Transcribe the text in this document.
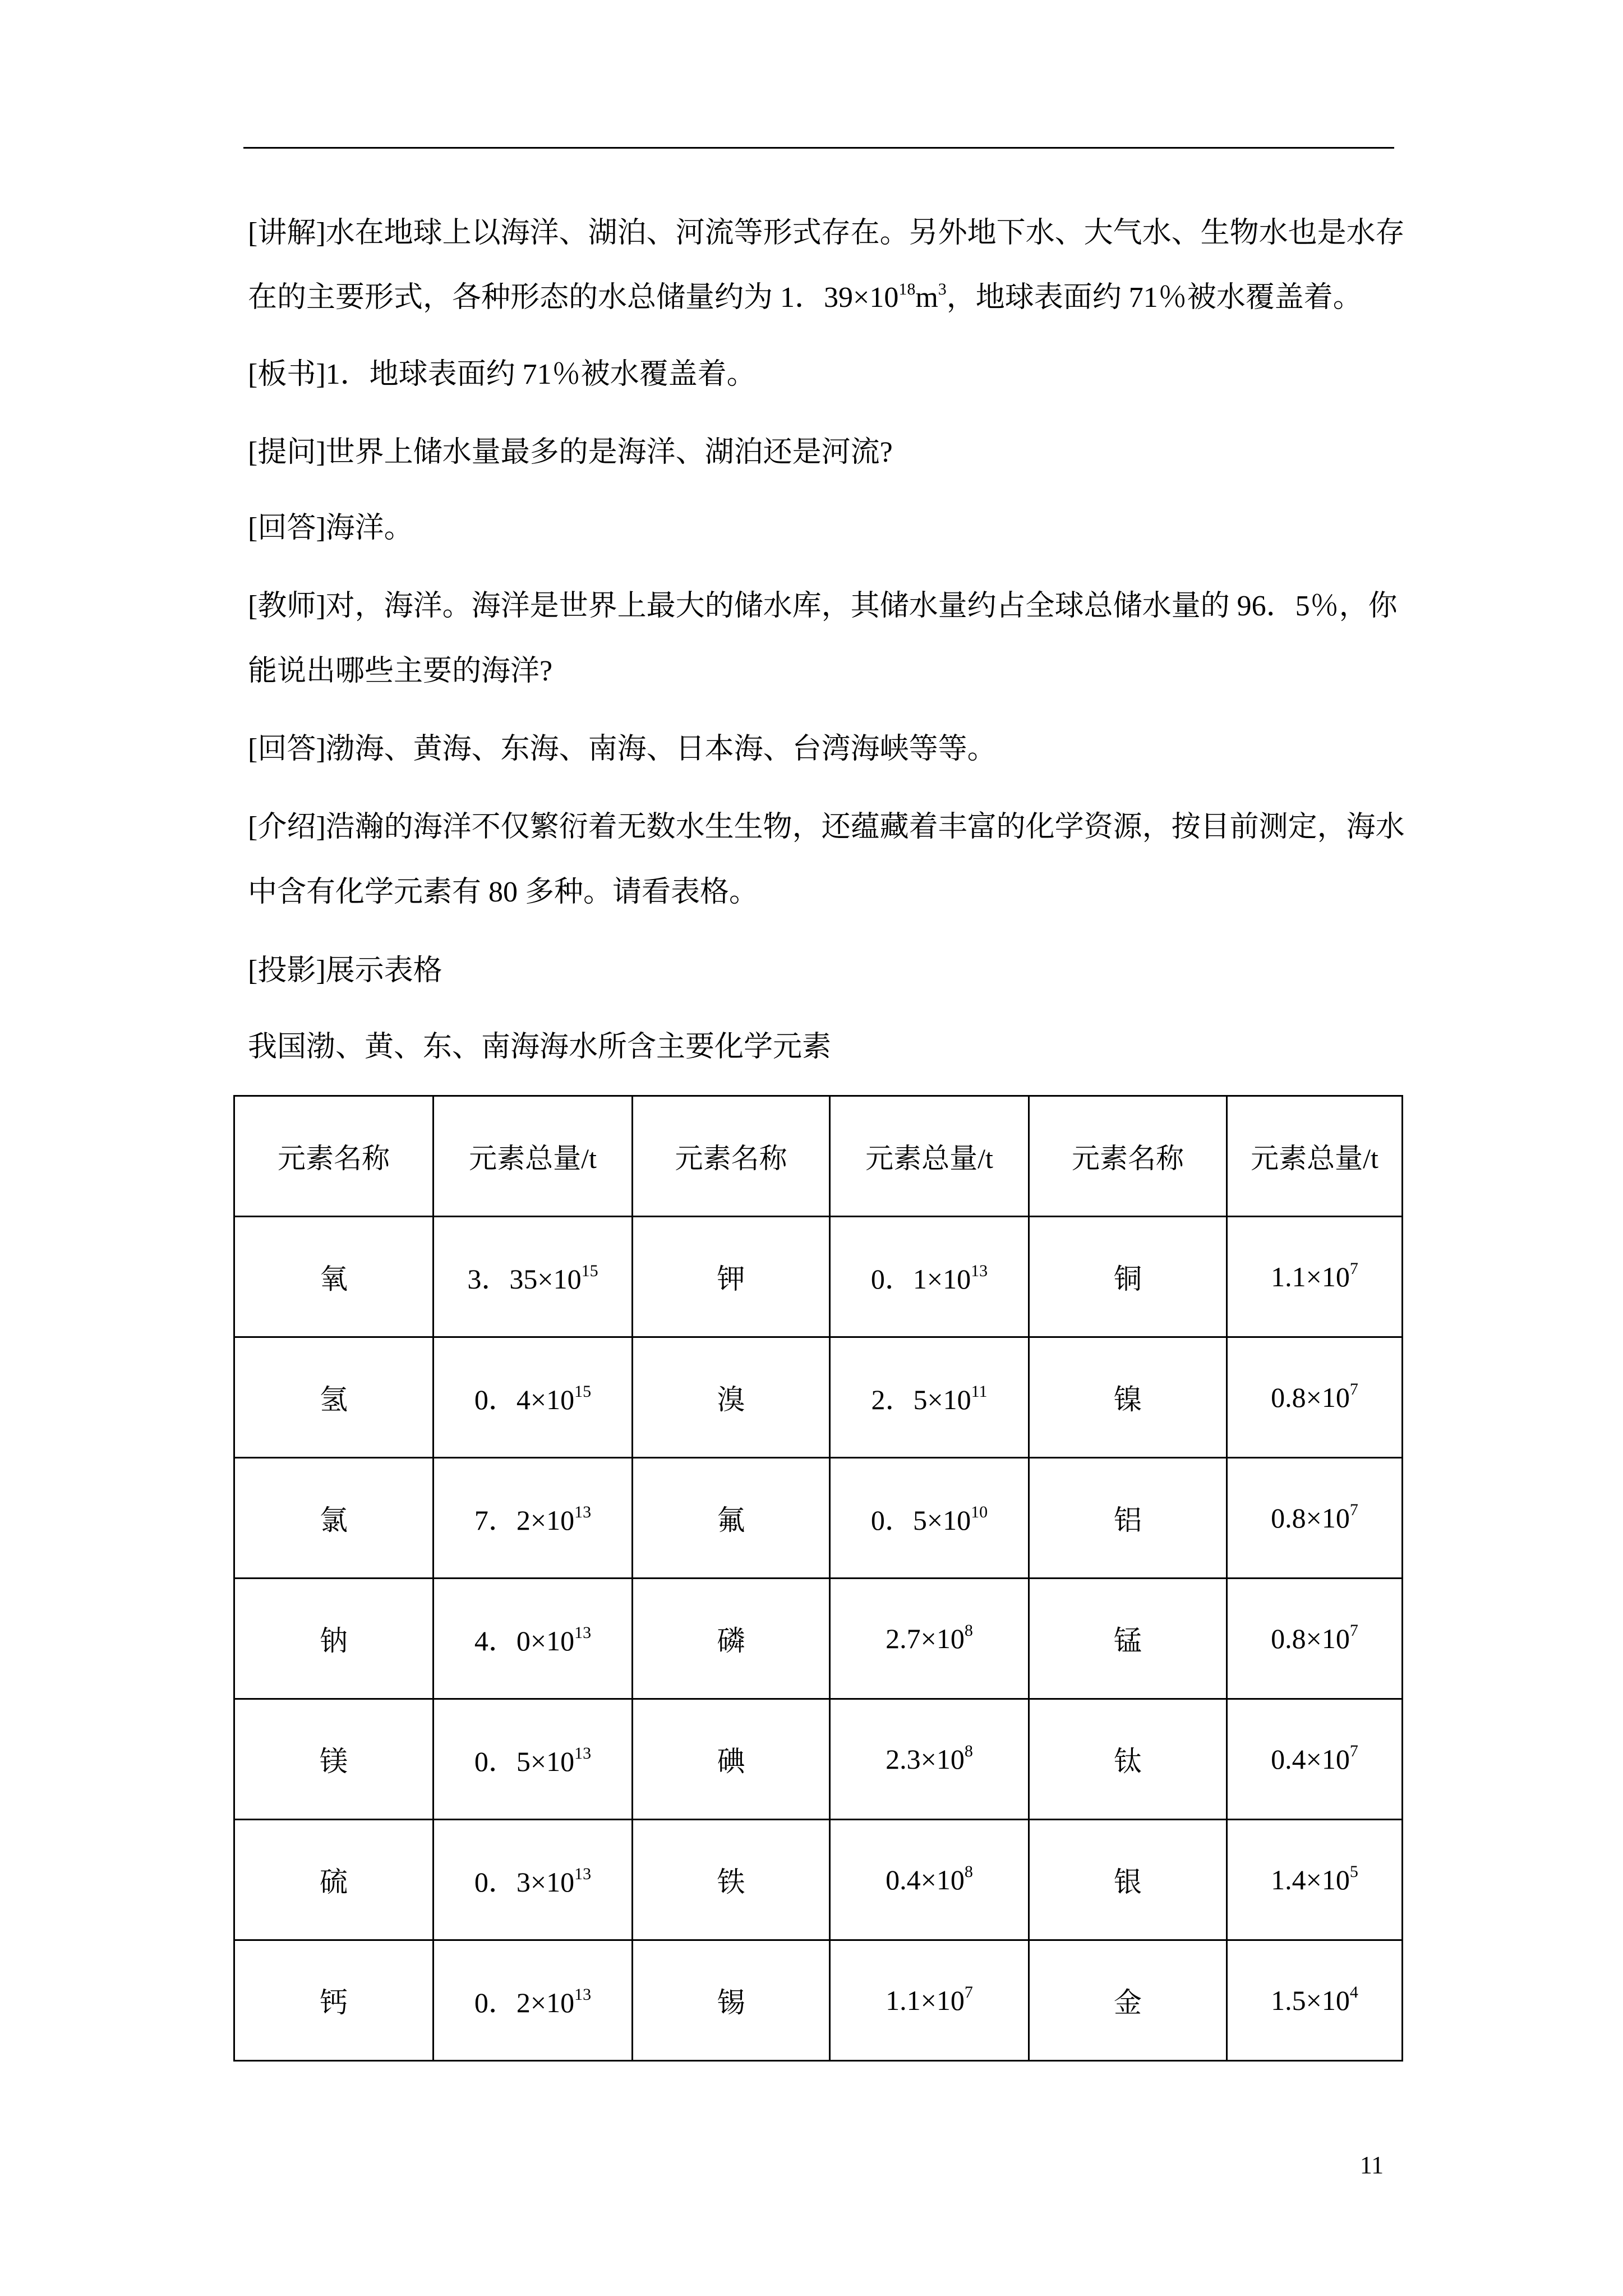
[讲解]水在地球上以海洋、湖泊、河流等形式存在。另外地下水、大气水、生物水也是水存
在的主要形式，各种形态的水总储量约为 1．$39\times 10^{18}m^3$，地球表面约 71％被水覆盖着。
[板书]1．地球表面约 71％被水覆盖着。
[提问]世界上储水量最多的是海洋、湖泊还是河流?
[回答]海洋。
[教师]对，海洋。海洋是世界上最大的储水库，其储水量约占全球总储水量的 96．5％，你
能说出哪些主要的海洋?
[回答]渤海、黄海、东海、南海、日本海、台湾海峡等等。
[介绍]浩瀚的海洋不仅繁衍着无数水生生物，还蕴藏着丰富的化学资源，按目前测定，海水
中含有化学元素有 80 多种。请看表格。
[投影]展示表格
我国渤、黄、东、南海海水所含主要化学元素
元素名称	元素总量/t	元素名称	元素总量/t	元素名称	元素总量/t
氧	3．$35\times 10^{15}$	钾	0．$1\times 10^{13}$	铜	$1.1\times 10^7$
氢	0．$4\times 10^{15}$	溴	2．$5\times 10^{11}$	镍	$0.8\times 10^7$
氯	7．$2\times 10^{13}$	氟	0．$5\times 10^{10}$	铝	$0.8\times 10^7$
钠	4．$0\times 10^{13}$	磷	$2.7\times 10^8$	锰	$0.8\times 10^7$
镁	0．$5\times 10^{13}$	碘	$2.3\times 10^8$	钛	$0.4\times 10^7$
硫	0．$3\times 10^{13}$	铁	$0.4\times 10^8$	银	$1.4\times 10^5$
钙	0．$2\times 10^{13}$	锡	$1.1\times 10^7$	金	$1.5\times 10^4$
11
